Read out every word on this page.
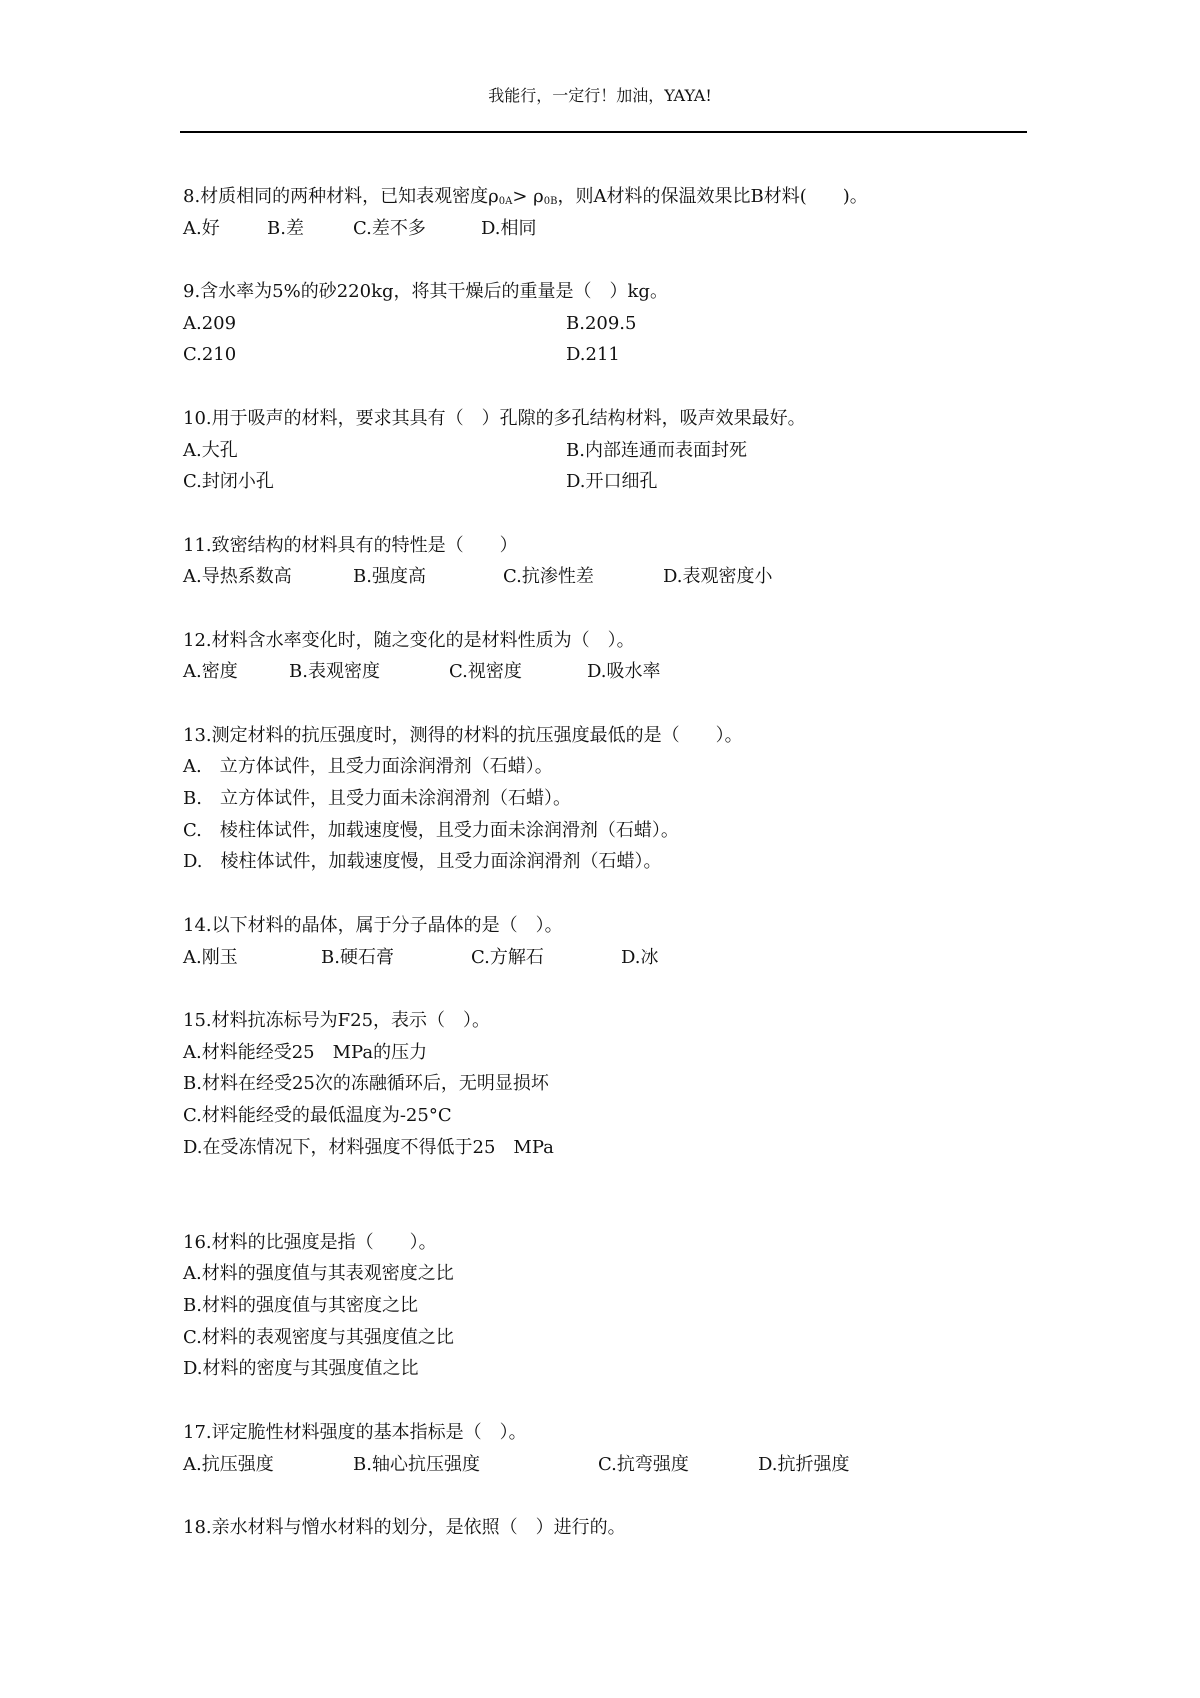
我能行，一定行！加油，YAYA!
8.材质相同的两种材料，已知表观密度$\rho_{0A}> \rho_{0B}$，则A材料的保温效果比B材料(　　)。
A.好	B.差	C.差不多	D.相同
9.含水率为5%的砂220kg，将其干燥后的重量是（　）kg。
A.209	B.209.5
C.210	D.211
10.用于吸声的材料，要求其具有（　）孔隙的多孔结构材料，吸声效果最好。
A.大孔	B.内部连通而表面封死
C.封闭小孔	D.开口细孔
11.致密结构的材料具有的特性是（　　）
A.导热系数高	B.强度高	C.抗渗性差	D.表观密度小
12.材料含水率变化时，随之变化的是材料性质为（　）。
A.密度	B.表观密度	C.视密度	D.吸水率
13.测定材料的抗压强度时，测得的材料的抗压强度最低的是（　　）。
A.　立方体试件，且受力面涂润滑剂（石蜡）。
B.　立方体试件，且受力面未涂润滑剂（石蜡）。
C.　棱柱体试件，加载速度慢，且受力面未涂润滑剂（石蜡）。
D.　棱柱体试件，加载速度慢，且受力面涂润滑剂（石蜡）。
14.以下材料的晶体，属于分子晶体的是（　）。
A.刚玉	B.硬石膏	C.方解石	D.冰
15.材料抗冻标号为F25，表示（　）。
A.材料能经受25　MPa的压力
B.材料在经受25次的冻融循环后，无明显损坏
C.材料能经受的最低温度为-25°C
D.在受冻情况下，材料强度不得低于25　MPa
16.材料的比强度是指（　　）。
A.材料的强度值与其表观密度之比
B.材料的强度值与其密度之比
C.材料的表观密度与其强度值之比
D.材料的密度与其强度值之比
17.评定脆性材料强度的基本指标是（　）。
A.抗压强度	B.轴心抗压强度	C.抗弯强度	D.抗折强度
18.亲水材料与憎水材料的划分，是依照（　）进行的。
